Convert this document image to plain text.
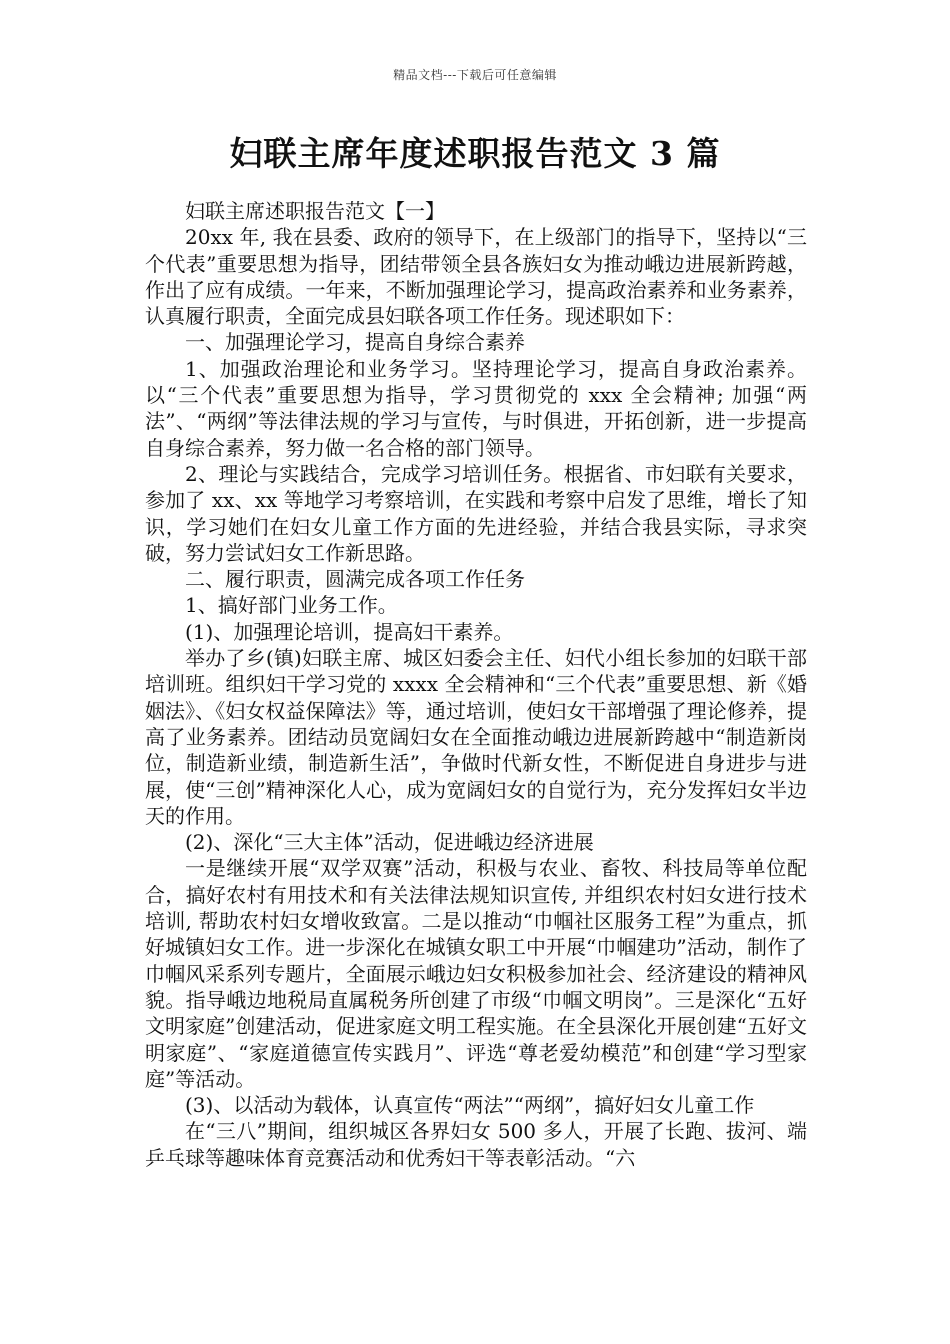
精品文档---下载后可任意编辑
妇联主席年度述职报告范文 3 篇

妇联主席述职报告范文【一】

20xx 年, 我在县委、政府的领导下，在上级部门的指导下，坚持以“三个代表”重要思想为指导，团结带领全县各族妇女为推动峨边进展新跨越，作出了应有成绩。一年来，不断加强理论学习，提高政治素养和业务素养，认真履行职责，全面完成县妇联各项工作任务。现述职如下：

一、加强理论学习，提高自身综合素养

1、加强政治理论和业务学习。坚持理论学习，提高自身政治素养。以“三个代表”重要思想为指导，学习贯彻党的 xxx 全会精神; 加强“两法”、“两纲”等法律法规的学习与宣传，与时俱进，开拓创新，进一步提高自身综合素养，努力做一名合格的部门领导。

2、理论与实践结合，完成学习培训任务。根据省、市妇联有关要求，参加了 xx、xx 等地学习考察培训，在实践和考察中启发了思维，增长了知识，学习她们在妇女儿童工作方面的先进经验，并结合我县实际，寻求突破，努力尝试妇女工作新思路。

二、履行职责，圆满完成各项工作任务

1、搞好部门业务工作。

(1)、加强理论培训，提高妇干素养。

举办了乡(镇)妇联主席、城区妇委会主任、妇代小组长参加的妇联干部培训班。组织妇干学习党的 xxxx 全会精神和“三个代表”重要思想、新《婚姻法》、《妇女权益保障法》等，通过培训，使妇女干部增强了理论修养，提高了业务素养。团结动员宽阔妇女在全面推动峨边进展新跨越中“制造新岗位，制造新业绩，制造新生活”，争做时代新女性，不断促进自身进步与进展，使“三创”精神深化人心，成为宽阔妇女的自觉行为，充分发挥妇女半边天的作用。

(2)、深化“三大主体”活动，促进峨边经济进展

一是继续开展“双学双赛”活动，积极与农业、畜牧、科技局等单位配合，搞好农村有用技术和有关法律法规知识宣传, 并组织农村妇女进行技术培训, 帮助农村妇女增收致富。二是以推动“巾帼社区服务工程”为重点，抓好城镇妇女工作。进一步深化在城镇女职工中开展“巾帼建功”活动，制作了巾帼风采系列专题片，全面展示峨边妇女积极参加社会、经济建设的精神风貌。指导峨边地税局直属税务所创建了市级“巾帼文明岗”。三是深化“五好文明家庭”创建活动，促进家庭文明工程实施。在全县深化开展创建“五好文明家庭”、“家庭道德宣传实践月”、评选“尊老爱幼模范”和创建“学习型家庭”等活动。

(3)、以活动为载体，认真宣传“两法”“两纲”，搞好妇女儿童工作

在“三八”期间，组织城区各界妇女 500 多人，开展了长跑、拔河、端乒乓球等趣味体育竞赛活动和优秀妇干等表彰活动。“六
